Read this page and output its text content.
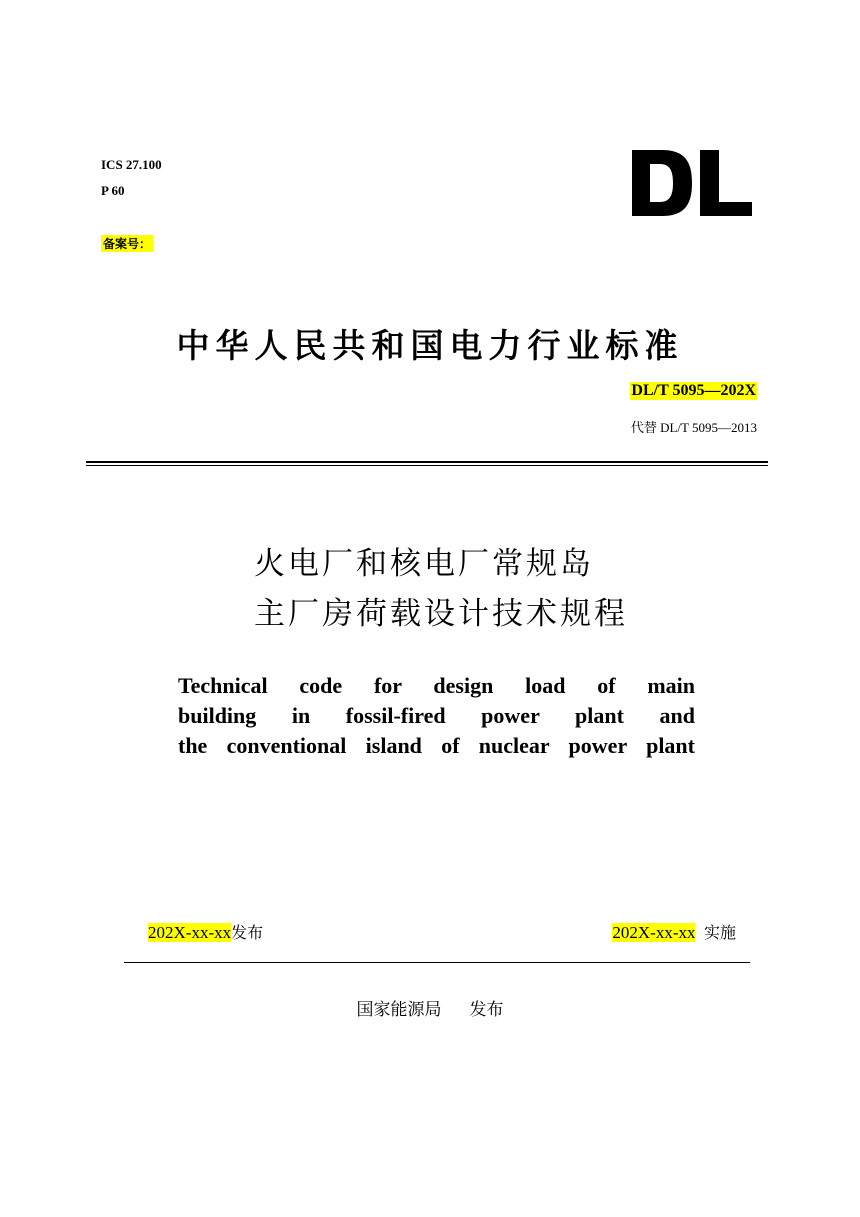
ICS 27.100
P 60
备案号：
中华人民共和国电力行业标准
DL/T 5095—202X
代替 DL/T 5095—2013
火电厂和核电厂常规岛
主厂房荷载设计技术规程
Technical code for design load of main
building in fossil-fired power plant and
the conventional island of nuclear power plant
202X-xx-xx发布	202X-xx-xx 实施
国家能源局 发布
